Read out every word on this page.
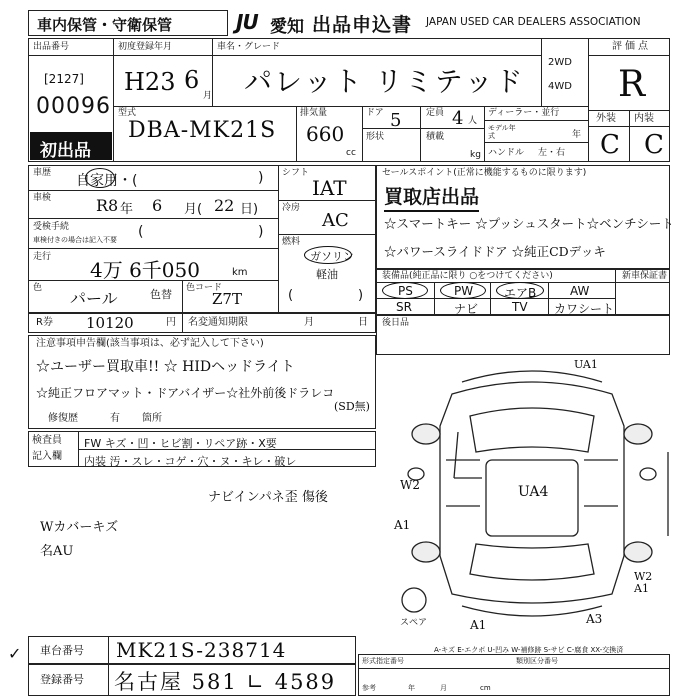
車内保管・守衛保管	JU 愛知 出品申込書 JAPAN USED CAR DEALERS ASSOCIATION
出品番号
[2127]
00096
初出品
初度登録年月
H23 6
月
車名・グレード
パレット リミテッド
2WD
4WD
評価点
R
外装 内装
C C
型式
DBA-MK21S
排気量
660
cc
ドア 5	定員 4 人
形状	積載
kg
ディーラー・並行
モデル年式	年
ハンドル 左・右
車歴 自家用・(	)
車検	R8 年 6 月( 22 日)
受検手続
車検付きの場合は記入不要 (	)
走行
4万 6千050	km
色
パール	色替 色コード
Z7T
シフト
IAT
冷房
AC
燃料
ガソリン
軽油
(	)
R券 10120	円 名変通知期限	月	日
セールスポイント(正常に機能するものに限ります)
買取店出品
☆スマートキー ☆プッシュスタート☆ベンチシート
☆パワースライドドア ☆純正CDデッキ
装備品(純正品に限り ○をつけてください)	新車保証書
PS	PW	エアB	AW
SR	ナビ	TV カワシート
後日品
注意事項申告欄(該当事項は、必ず記入して下さい)
☆ユーザー買取車!! ☆ HIDヘッドライト
☆純正フロアマット・ドアバイザー☆社外前後ドラレコ
(SD無)
修復歴	有 箇所
検査員
記入欄
FW キズ・凹・ヒビ割・リペア跡・X要
内装 汚・スレ・コゲ・穴・ヌ・キレ・破レ
ナビインパネ歪 傷後
Wカバーキズ
名AU
UA1
W2
A1
UA4
W2
A1
A1	A3
スペア
A-キズ E-エクボ U-凹み W-補修跡 S-サビ C-腐食 XX-交換済
車台番号 MK21S-238714
登録番号 名古屋 581 ∟ 4589
✓	形式指定番号	類別区分番号
参考	年	月	cm
